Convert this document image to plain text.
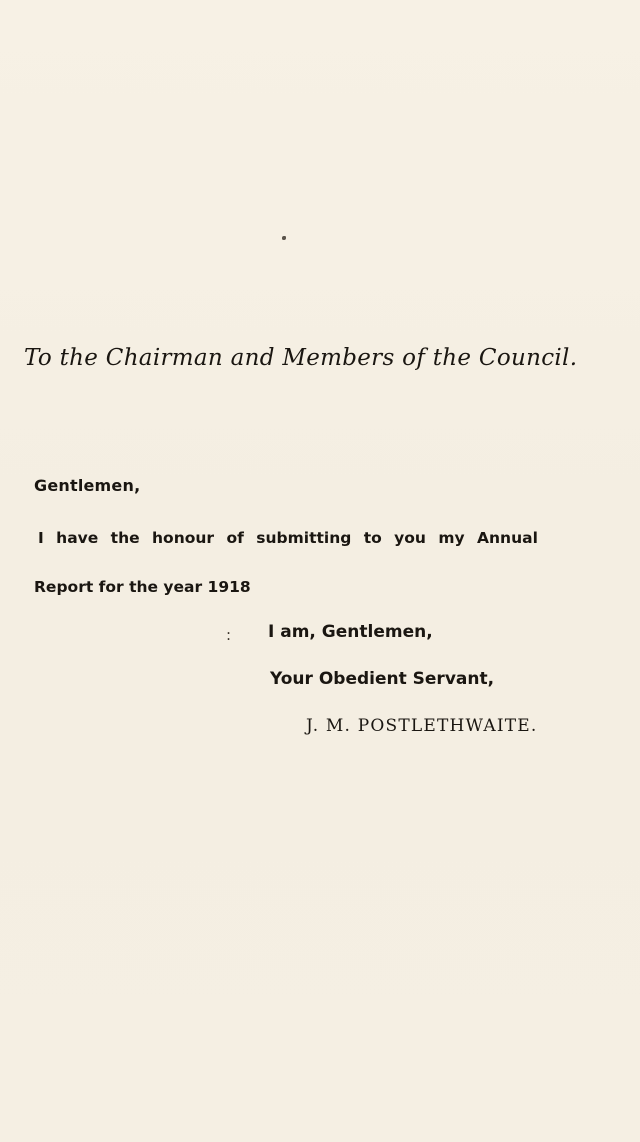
To the Chairman and Members of the Council.
Gentlemen,
I have the honour of submitting to you my Annual
Report for the year 1918
: I am, Gentlemen,
Your Obedient Servant,
J. M. POSTLETHWAITE.
